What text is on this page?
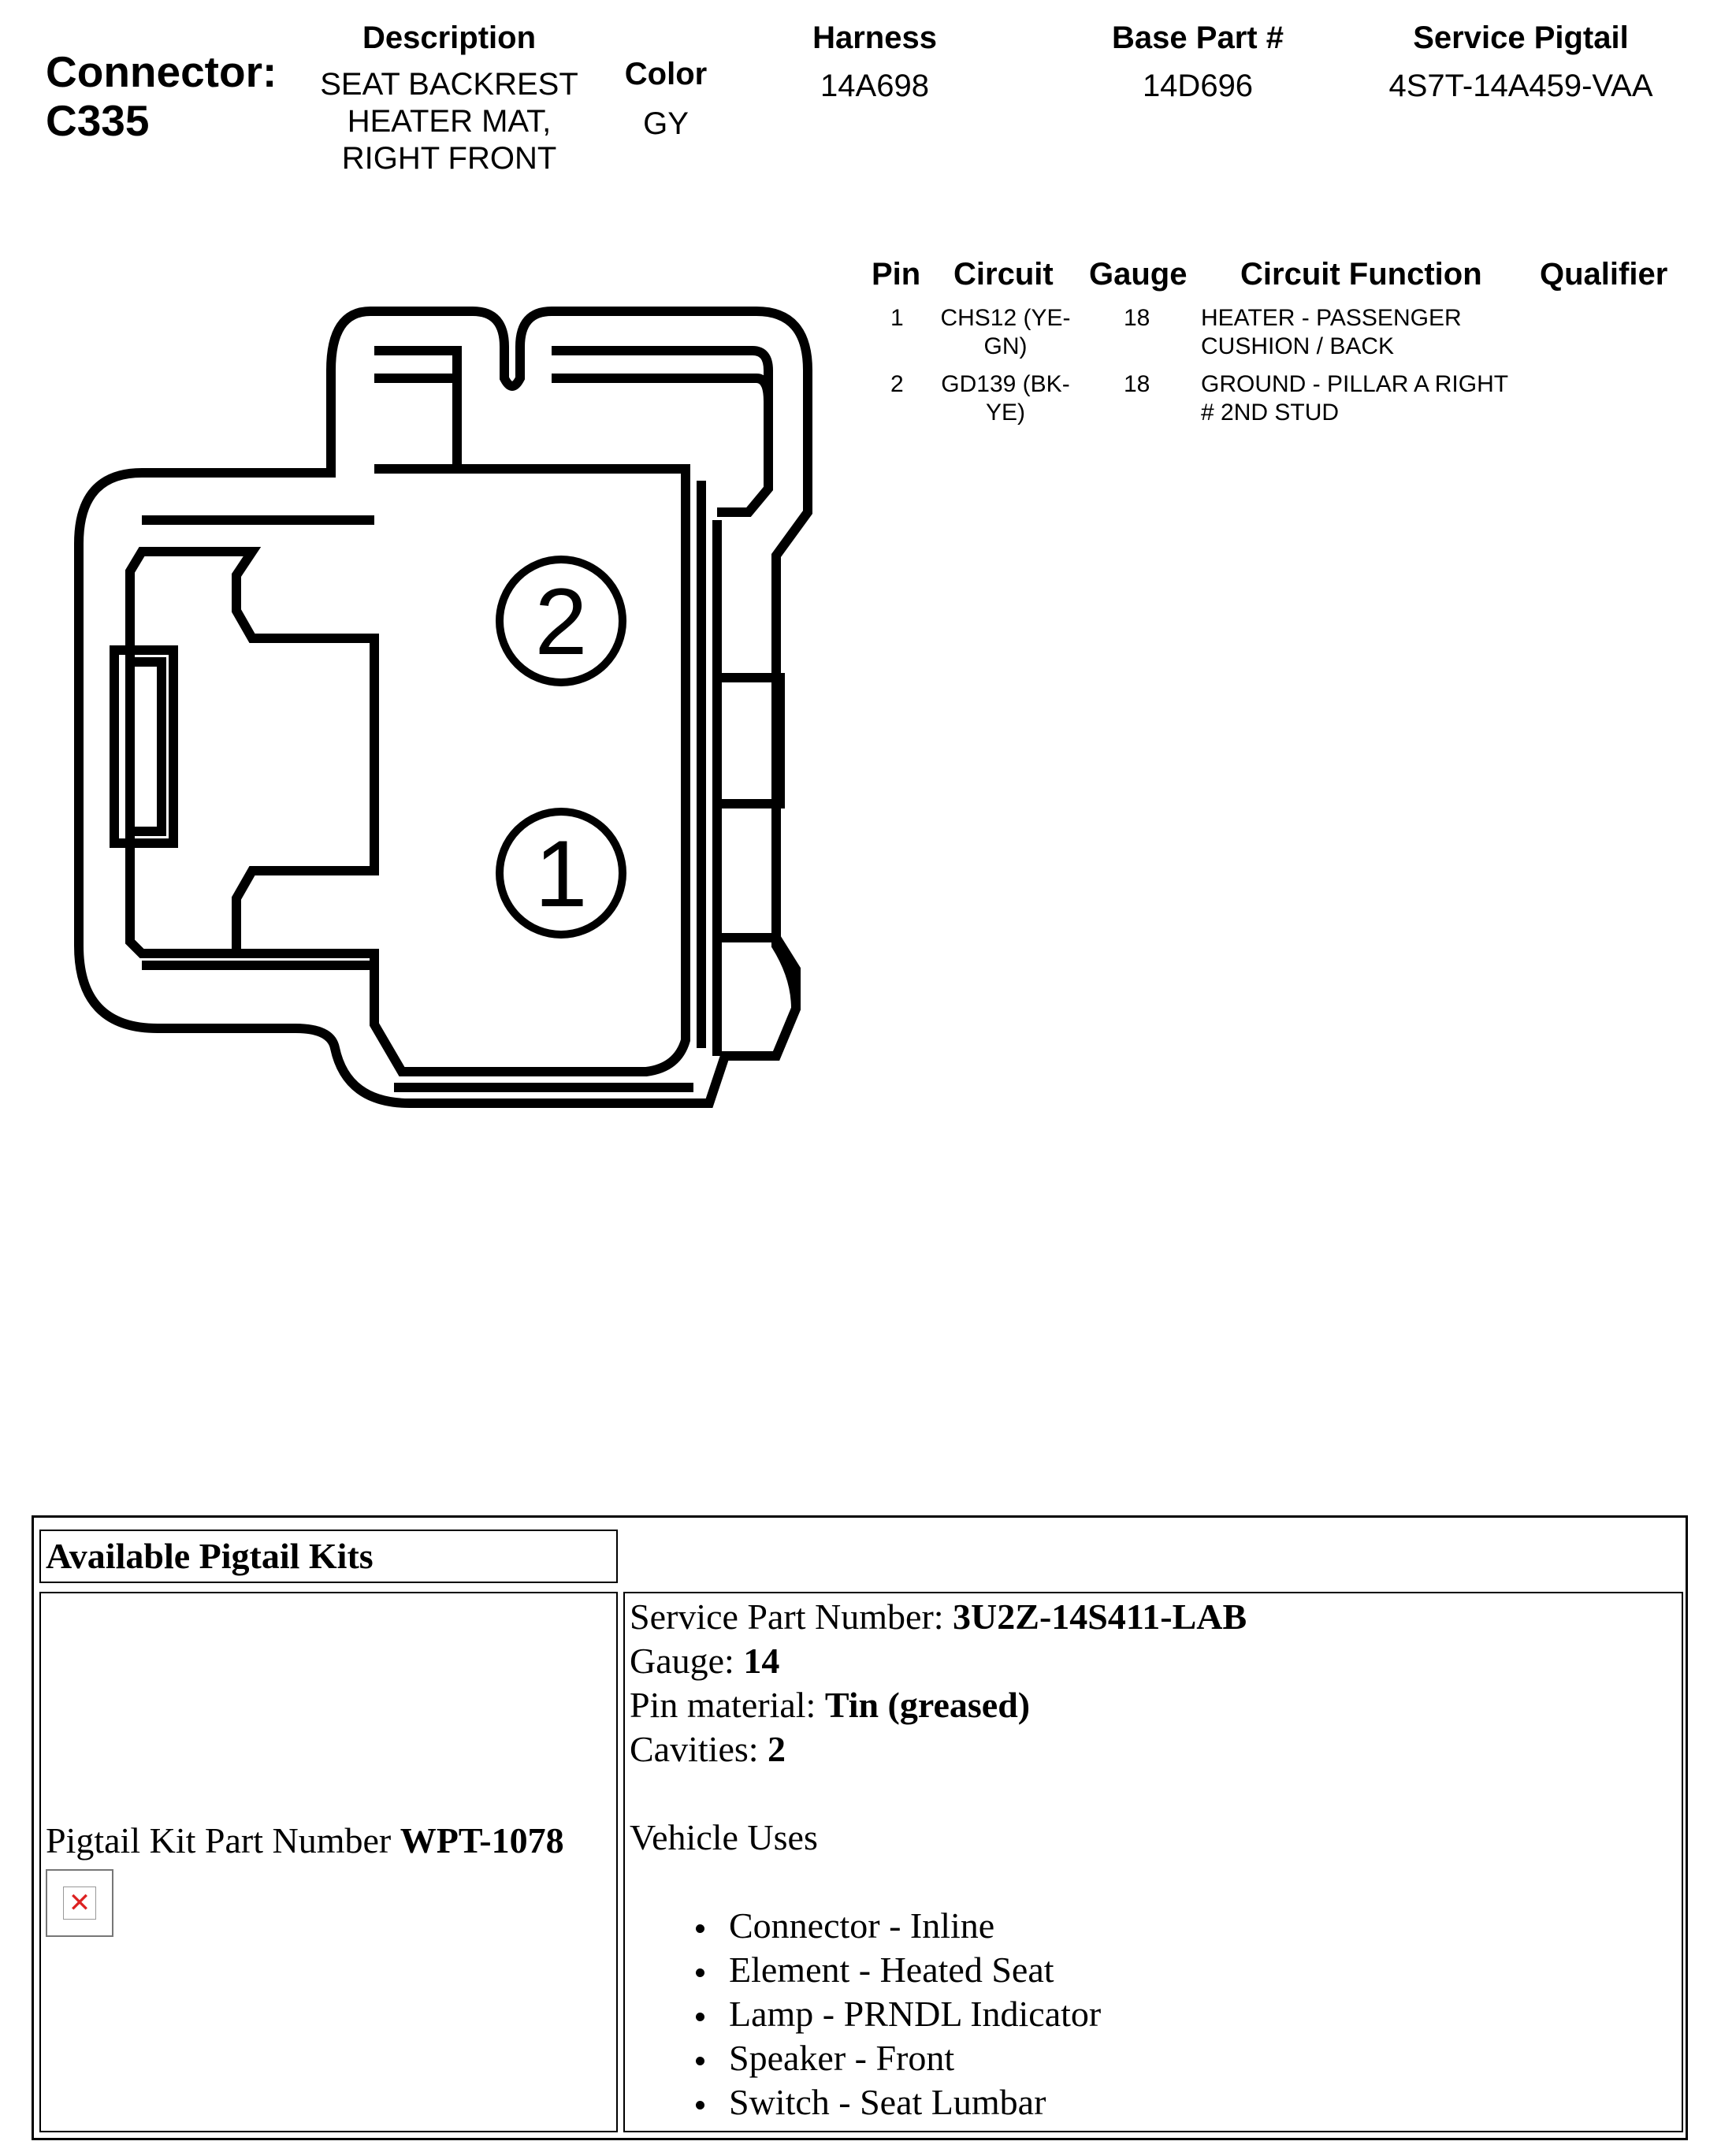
Connector:
C335
Description
SEAT BACKREST
HEATER MAT,
RIGHT FRONT
Color
GY
Harness
14A698
Base Part #
14D696
Service Pigtail
4S7T-14A459-VAA
Pin Circuit Gauge Circuit Function Qualifier
1	CHS12 (YE-
GN)
18 HEATER - PASSENGER
CUSHION / BACK
2	GD139 (BK-
YE)
18 GROUND - PILLAR A RIGHT
# 2ND STUD
2
1
Available Pigtail Kits
Pigtail Kit Part Number WPT-1078
✕
Service Part Number: 3U2Z-14S411-LAB
Gauge: 14
Pin material: Tin (greased)
Cavities: 2
Vehicle Uses
Connector - Inline
Element - Heated Seat
Lamp - PRNDL Indicator
Speaker - Front
Switch - Seat Lumbar
